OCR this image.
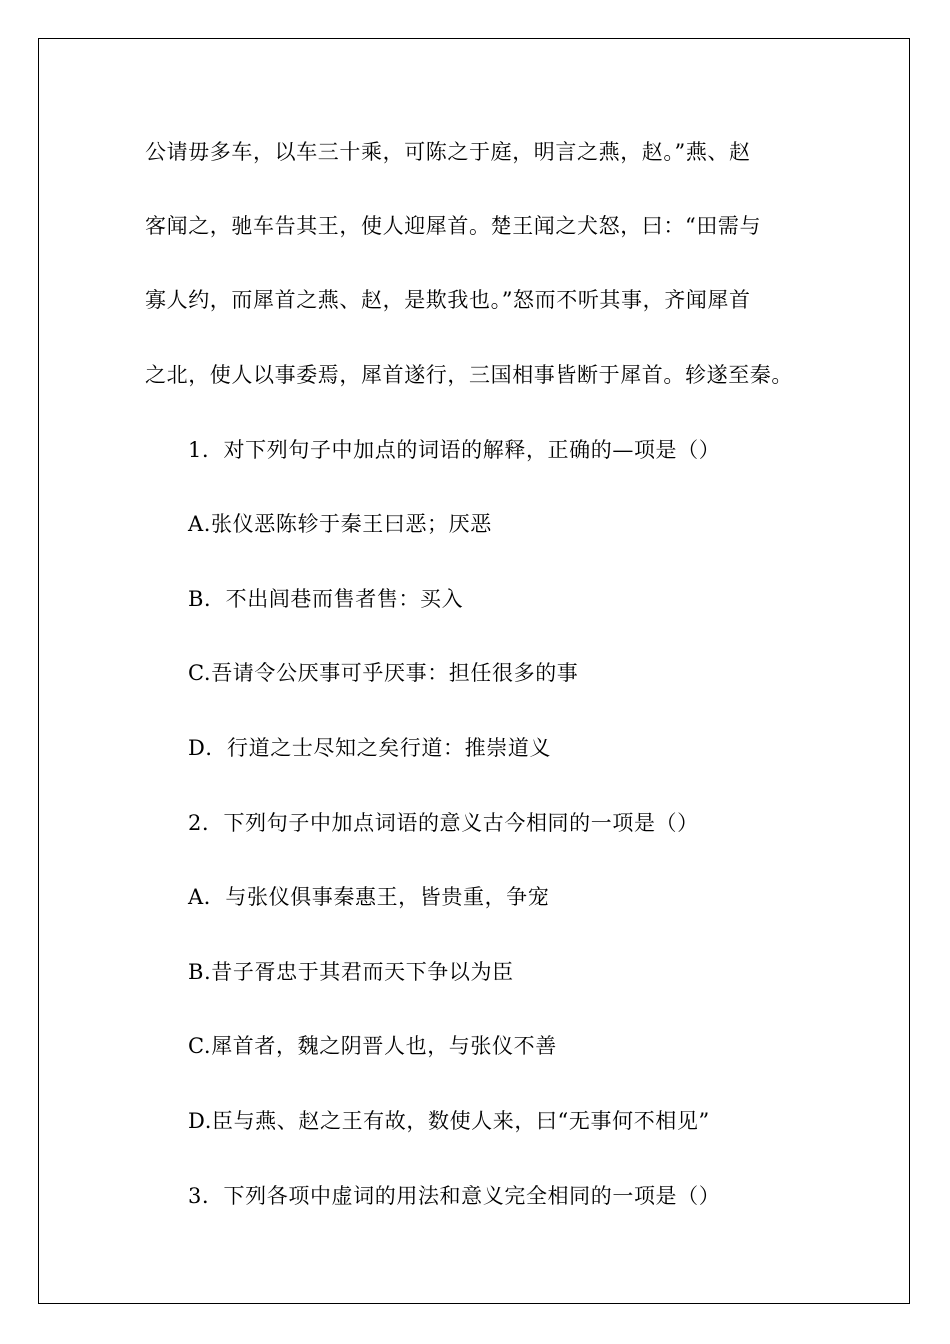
公请毋多车，以车三十乘，可陈之于庭，明言之燕，赵。”燕、赵
客闻之，驰车告其王，使人迎犀首。楚王闻之犬怒，曰：“田需与
寡人约，而犀首之燕、赵，是欺我也。”怒而不听其事，齐闻犀首
之北，使人以事委焉，犀首遂行，三国相事皆断于犀首。轸遂至秦。
1．对下列句子中加点的词语的解释，正确的—项是（）
A.张仪恶陈轸于秦王曰恶；厌恶
B．不出闾巷而售者售：买入
C.吾请令公厌事可乎厌事：担任很多的事
D．行道之士尽知之矣行道：推崇道义
2．下列句子中加点词语的意义古今相同的一项是（）
A．与张仪俱事秦惠王，皆贵重，争宠
B.昔子胥忠于其君而天下争以为臣
C.犀首者，魏之阴晋人也，与张仪不善
D.臣与燕、赵之王有故，数使人来，曰“无事何不相见”
3．下列各项中虚词的用法和意义完全相同的一项是（）
